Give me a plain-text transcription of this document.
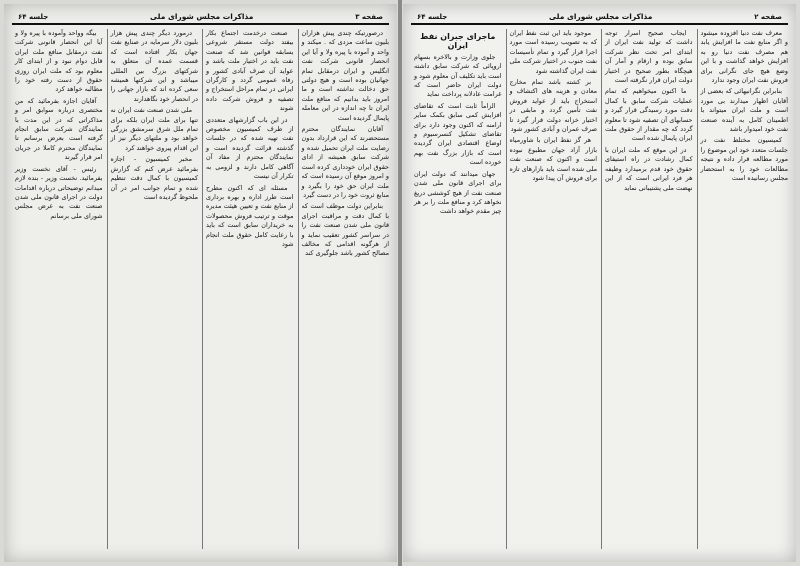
صفحه ۳
مذاکرات مجلس شورای ملی
جلسه ۶۴

درصورتیکه چندی پیش هزاران بلیون ساعت مزدی که . میکند و واحد و آموده با پیره ولا و آیا این انحصار قانونی شرکت نفت انگلیس و ایران درمقابل تمام جهانیان بوده است و هیچ دولتی حق دخالت نداشته است و ما امروز باید بدانیم که منافع ملت ایران تا چه اندازه در این معامله پایمال گردیده است

آقایان نمایندگان محترم مستحضرند که این قرارداد بدون رضایت ملت ایران تحمیل شده و شرکت سابق همیشه از ادای حقوق ایران خودداری کرده است و امروز موقع آن رسیده است که ملت ایران حق خود را بگیرد و منابع ثروت خود را در دست گیرد

بنابراین دولت موظف است که با کمال دقت و مراقبت اجرای قانون ملی شدن صنعت نفت را در سراسر کشور تعقیب نماید و از هرگونه اقدامی که مخالف مصالح کشور باشد جلوگیری کند

صنعت درخدمت اجتماع بکار بیفتد دولت مستقر شروعی بسابقه قوانین شد که صنعت نفت باید در اختیار ملت باشد و عواید آن صرف آبادی کشور و رفاه عمومی گردد و کارگران ایرانی در تمام مراحل استخراج و تصفیه و فروش شرکت داده شوند

در این باب گزارشهای متعددی از طرف کمیسیون مخصوص نفت تهیه شده که در جلسات گذشته قرائت گردیده است و نمایندگان محترم از مفاد آن آگاهی کامل دارند و لزومی به تکرار آن نیست

مسئله ای که اکنون مطرح است طرز اداره و بهره برداری از منابع نفت و تعیین هیئت مدیره موقت و ترتیب فروش محصولات به خریداران سابق است که باید با رعایت کامل حقوق ملت انجام شود

درمورد دیگر چندی پیش هزار بلیون دلار سرمایه در صنایع نفت جهان بکار افتاده است که قسمت عمده آن متعلق به شرکتهای بزرگ بین المللی میباشد و این شرکتها همیشه سعی کرده اند که بازار جهانی را در انحصار خود نگاهدارند

ملی شدن صنعت نفت ایران نه تنها برای ملت ایران بلکه برای تمام ملل شرق سرمشق بزرگی خواهد بود و ملتهای دیگر نیز از این اقدام پیروی خواهند کرد

مخبر کمیسیون - اجازه بفرمائید عرض کنم که گزارش کمیسیون با کمال دقت تنظیم شده و تمام جوانب امر در آن ملحوظ گردیده است

بیگه وواحد وآموده با پیره ولا و آیا این انحصار قانونی شرکت نفت درمقابل منافع ملت ایران قابل دوام نبود و از ابتدای کار معلوم بود که ملت ایران روزی حقوق از دست رفته خود را مطالبه خواهد کرد

آقایان اجازه بفرمائید که من مختصری درباره سوابق امر و مذاکراتی که در این مدت با نمایندگان شرکت سابق انجام گرفته است بعرض برسانم تا نمایندگان محترم کاملا در جریان امر قرار گیرند

رئیس - آقای نخست وزیر بفرمائید. نخست وزیر - بنده لازم میدانم توضیحاتی درباره اقدامات دولت در اجرای قانون ملی شدن صنعت نفت به عرض مجلس شورای ملی برسانم

صفحه ۲
مذاکرات مجلس شورای ملی
جلسه ۶۴

معرف نفت دنیا افزوده میشود و اگر منابع نفت ما افزایش یابد هم مصرف نفت دنیا رو به افزایش خواهد گذاشت و با این وضع هیچ جای نگرانی برای فروش نفت ایران وجود ندارد

بنابراین نگرانیهائی که بعضی از آقایان اظهار میدارند بی مورد است و ملت ایران میتواند با اطمینان کامل به آینده صنعت نفت خود امیدوار باشد

کمیسیون مختلط نفت در جلسات متعدد خود این موضوع را مورد مطالعه قرار داده و نتیجه مطالعات خود را به استحضار مجلس رسانیده است

ایجاب صحیح اسرار توجه داشت که تولید نفت ایران از ابتدای امر تحت نظر شرکت سابق بوده و ارقام و آمار آن هیچگاه بطور صحیح در اختیار دولت ایران قرار نگرفته است

ما اکنون میخواهیم که تمام عملیات شرکت سابق با کمال دقت مورد رسیدگی قرار گیرد و حسابهای آن تصفیه شود تا معلوم گردد که چه مقدار از حقوق ملت ایران پایمال شده است

در این موقع که ملت ایران با کمال رشادت در راه استیفای حقوق خود قدم برمیدارد وظیفه هر فرد ایرانی است که از این نهضت ملی پشتیبانی نماید

موجود باید این ثبت نفط ایران که به تصویب رسیده است مورد اجرا قرار گیرد و تمام تأسیسات نفت جنوب در اختیار شرکت ملی نفت ایران گذاشته شود

بر کشته باشد تمام مخارج معادن و هزینه های اکتشاف و استخراج باید از عواید فروش نفت تأمین گردد و مابقی در اختیار خزانه دولت قرار گیرد تا صرف عمران و آبادی کشور شود

هر گز نفط ایران با شاورمیاه بازار آزاد جهان مطبوع نبوده است و اکنون که صنعت نفت ملی شده است باید بازارهای تازه برای فروش آن پیدا شود

ماجرای جبران نفط ایران

جلوی وزارت و بالاخره بسهام اروپائی که شرکت سابق داشته است باید تکلیف آن معلوم شود و دولت ایران حاضر است که غرامت عادلانه پرداخت نماید

الزاماً ثابت است که تقاضای افزایش کمی سابق بکمک سایر ارامنه که اکنون وجود دارد برای تقاضای تشکیل کنسرسیوم و اوضاع اقتصادی ایران گردیده است که بازار بزرگ نفت بهم خورده است

جهان میدانند که دولت ایران برای اجرای قانون ملی شدن صنعت نفت از هیچ کوششی دریغ نخواهد کرد و منافع ملت را بر هر چیز مقدم خواهد داشت
